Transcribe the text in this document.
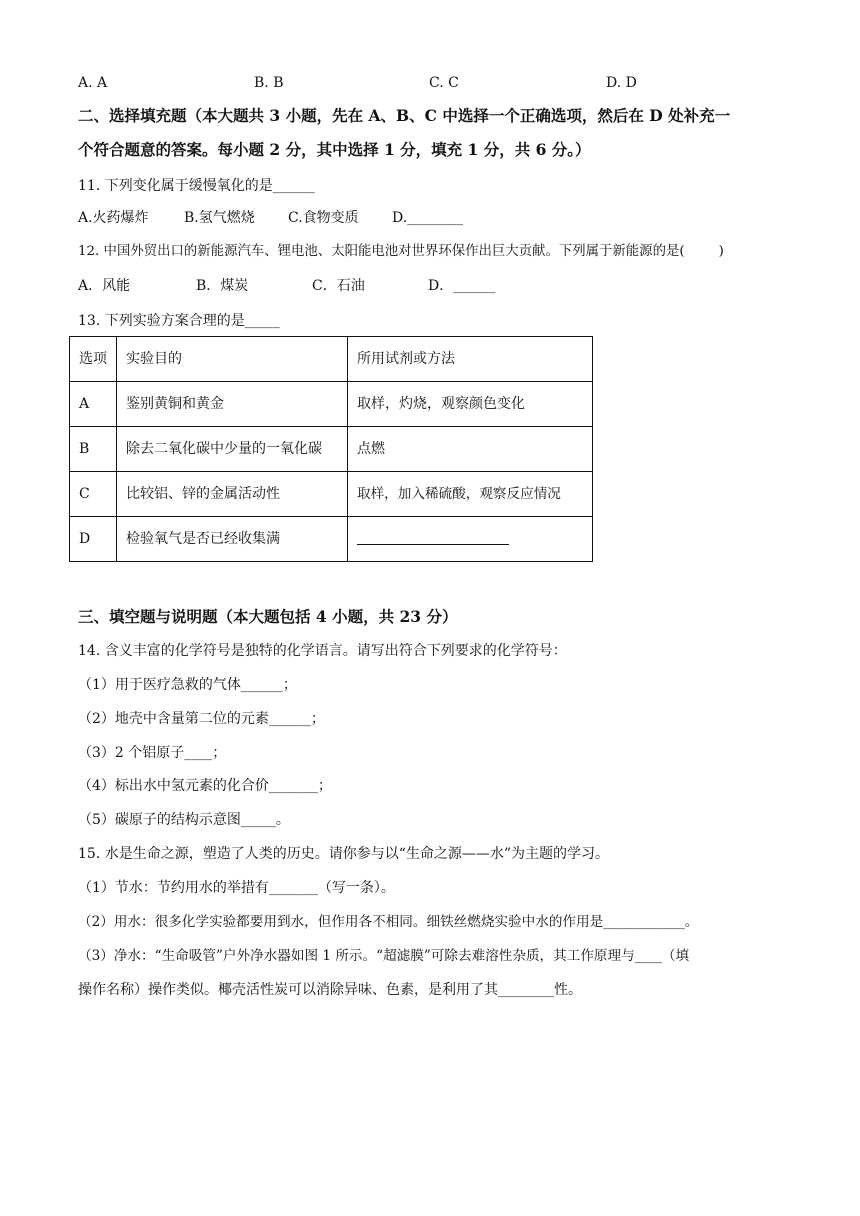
A. A	B. B	C. C	D. D
二、选择填充题（本大题共 3 小题，先在 A、B、C 中选择一个正确选项，然后在 D 处补充一
个符合题意的答案。每小题 2 分，其中选择 1 分，填充 1 分，共 6 分。）
11. 下列变化属于缓慢氧化的是______
A.火药爆炸	B.氢气燃烧 C.食物变质 D.________
12. 中国外贸出口的新能源汽车、锂电池、太阳能电池对世界环保作出巨大贡献。下列属于新能源的是(        )
A．风能	B．煤炭	C．石油	D．______
13. 下列实验方案合理的是_____
选项	实验目的	所用试剂或方法
A	鉴别黄铜和黄金	取样，灼烧，观察颜色变化
B	除去二氧化碳中少量的一氧化碳	点燃
C	比较铝、锌的金属活动性	取样，加入稀硫酸，观察反应情况
D	检验氧气是否已经收集满	
三、填空题与说明题（本大题包括 4 小题，共 23 分）
14. 含义丰富的化学符号是独特的化学语言。请写出符合下列要求的化学符号：
（1）用于医疗急救的气体______；
（2）地壳中含量第二位的元素______；
（3）2 个铝原子____；
（4）标出水中氢元素的化合价_______；
（5）碳原子的结构示意图_____。
15. 水是生命之源，塑造了人类的历史。请你参与以“生命之源——水”为主题的学习。
（1）节水：节约用水的举措有_______（写一条）。
（2）用水：很多化学实验都要用到水，但作用各不相同。细铁丝燃烧实验中水的作用是____________。
（3）净水：“生命吸管”户外净水器如图 1 所示。“超滤膜”可除去难溶性杂质，其工作原理与____（填
操作名称）操作类似。椰壳活性炭可以消除异味、色素，是利用了其________性。
